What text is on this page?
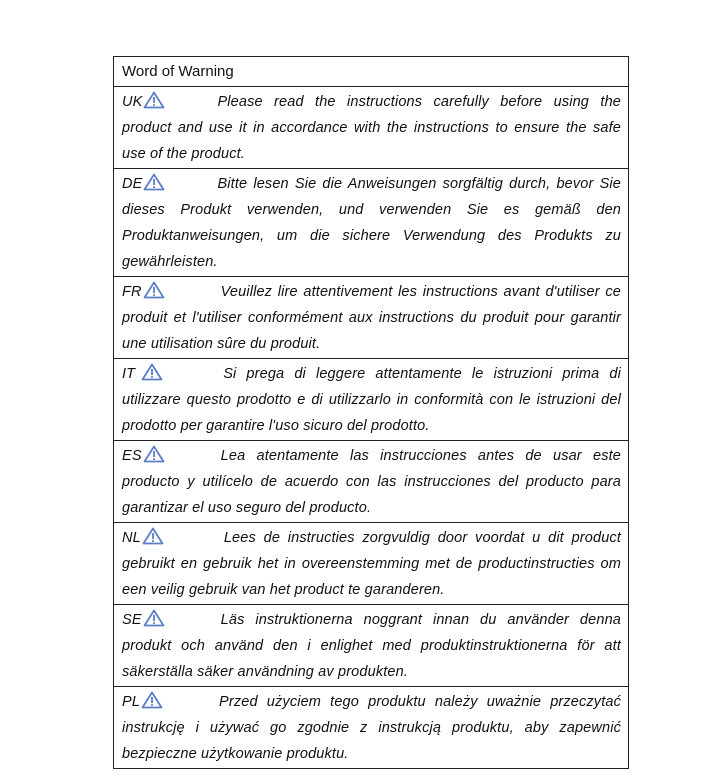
Word of Warning
UK	Please read the instructions carefully before using the product and use it in accordance with the instructions to ensure the safe use of the product.
DE	Bitte lesen Sie die Anweisungen sorgfältig durch, bevor Sie dieses Produkt verwenden, und verwenden Sie es gemäß den Produktanweisungen, um die sichere Verwendung des Produkts zu gewährleisten.
FR	Veuillez lire attentivement les instructions avant d'utiliser ce produit et l'utiliser conformément aux instructions du produit pour garantir une utilisation sûre du produit.
IT	Si prega di leggere attentamente le istruzioni prima di utilizzare questo prodotto e di utilizzarlo in conformità con le istruzioni del prodotto per garantire l'uso sicuro del prodotto.
ES	Lea atentamente las instrucciones antes de usar este producto y utilícelo de acuerdo con las instrucciones del producto para garantizar el uso seguro del producto.
NL	Lees de instructies zorgvuldig door voordat u dit product gebruikt en gebruik het in overeenstemming met de productinstructies om een veilig gebruik van het product te garanderen.
SE	Läs instruktionerna noggrant innan du använder denna produkt och använd den i enlighet med produktinstruktionerna för att säkerställa säker användning av produkten.
PL	Przed użyciem tego produktu należy uważnie przeczytać instrukcję i używać go zgodnie z instrukcją produktu, aby zapewnić bezpieczne użytkowanie produktu.
